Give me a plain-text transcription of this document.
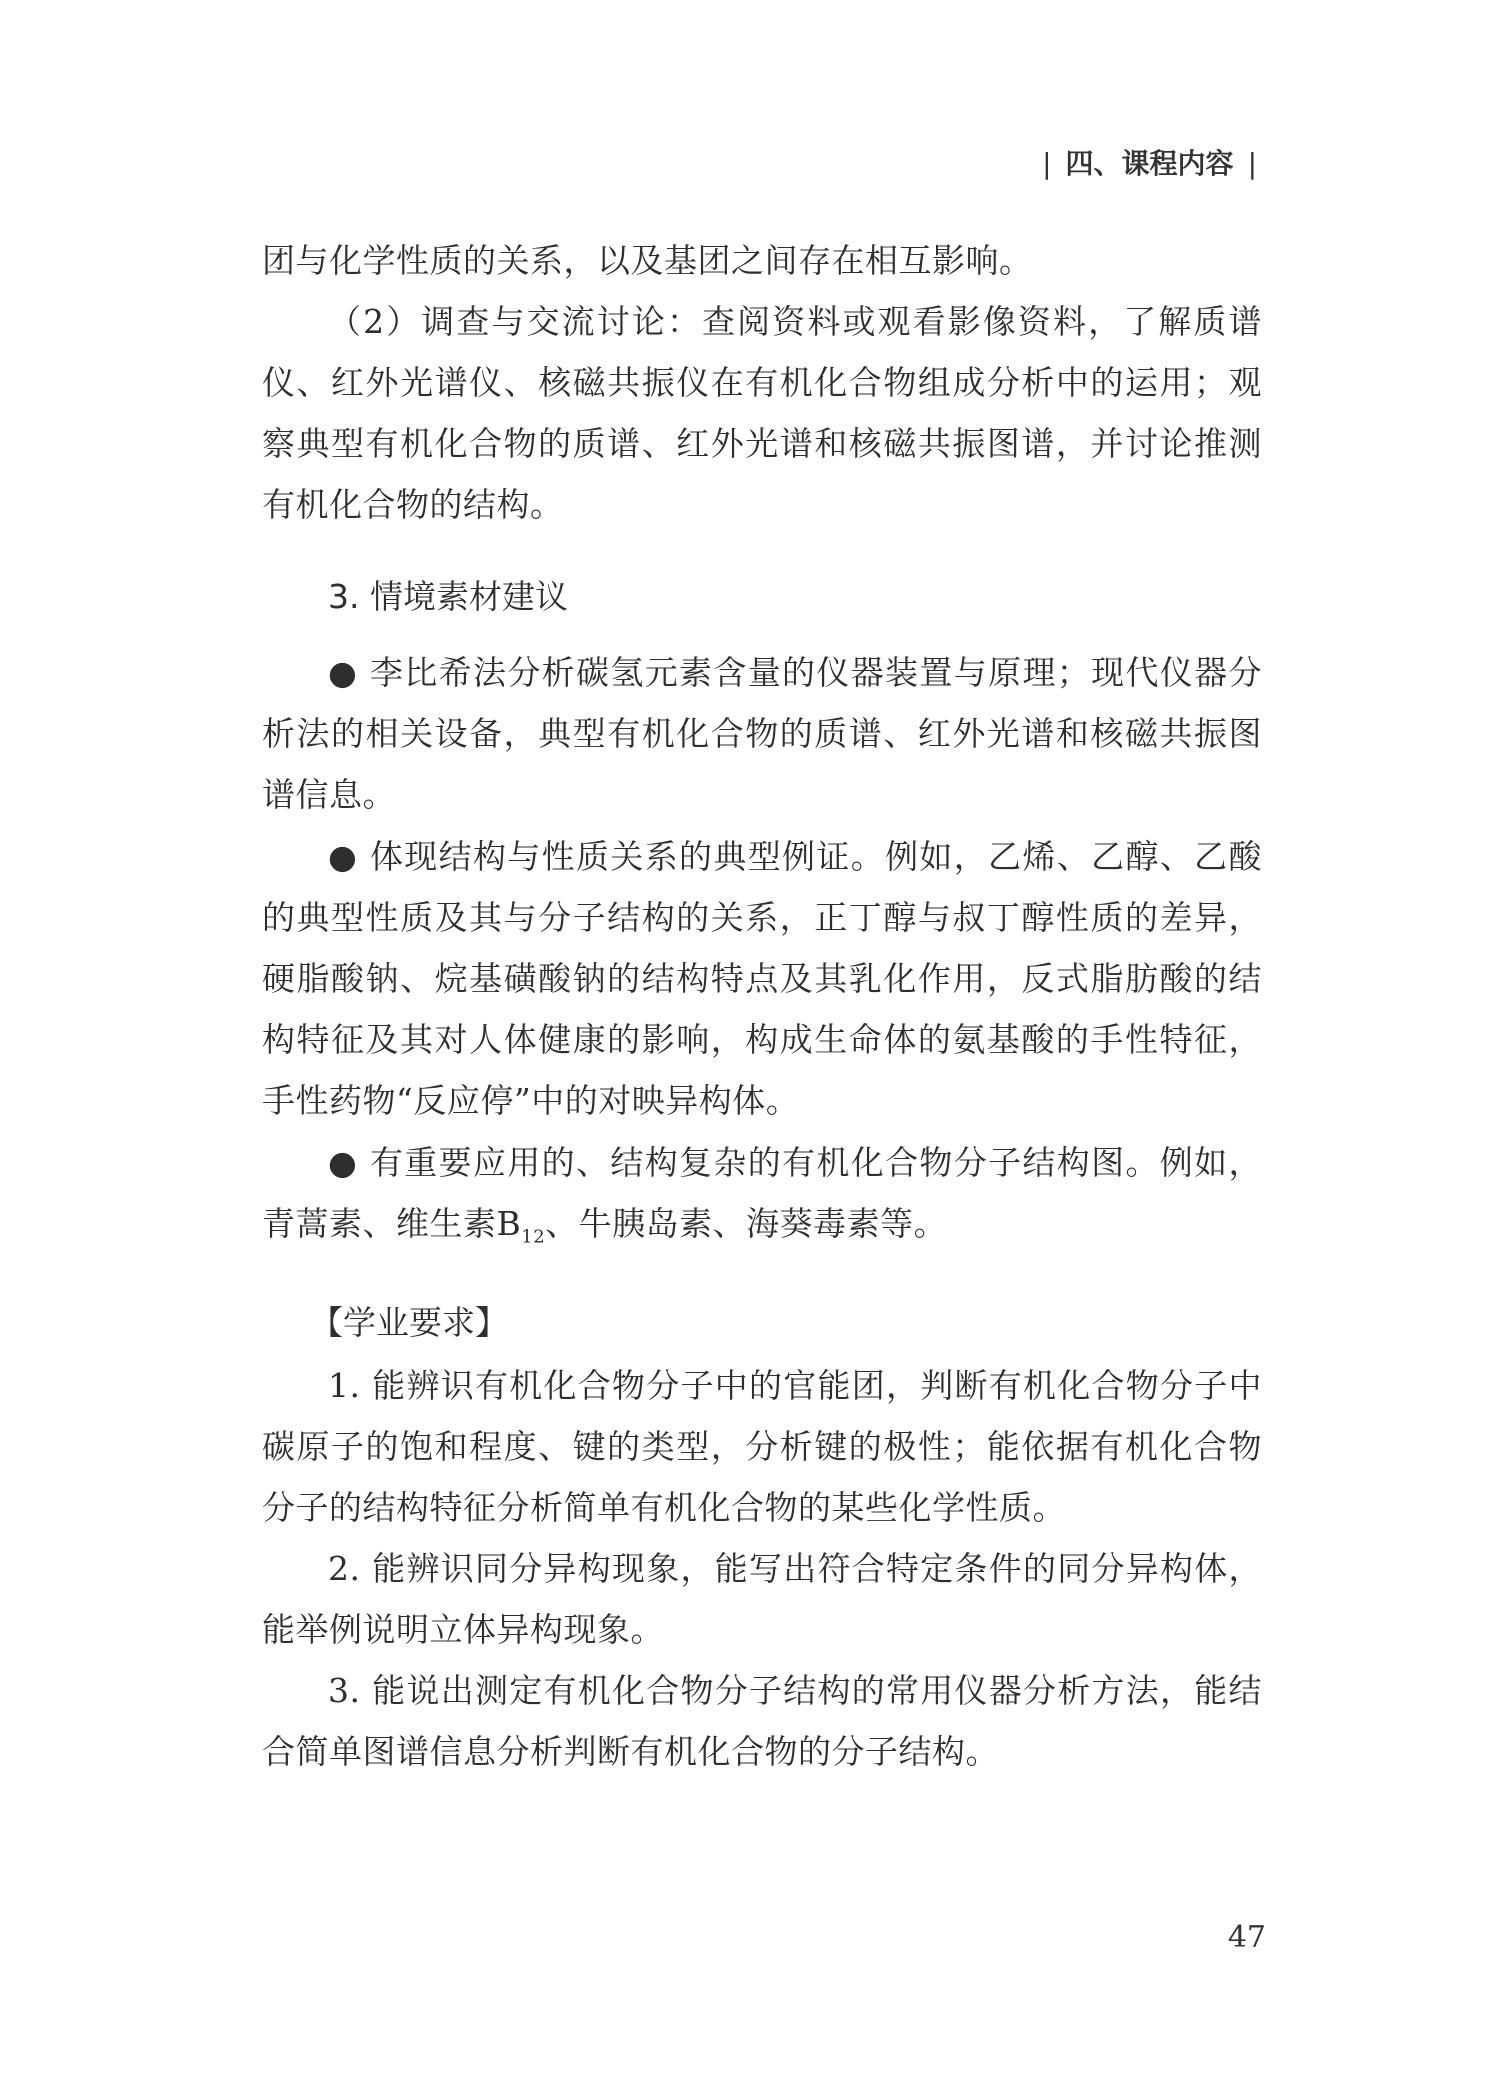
| 四、课程内容 |

团与化学性质的关系，以及基团之间存在相互影响。

（2）调查与交流讨论：查阅资料或观看影像资料，了解质谱仪、红外光谱仪、核磁共振仪在有机化合物组成分析中的运用；观察典型有机化合物的质谱、红外光谱和核磁共振图谱，并讨论推测有机化合物的结构。

3. 情境素材建议

● 李比希法分析碳氢元素含量的仪器装置与原理；现代仪器分析法的相关设备，典型有机化合物的质谱、红外光谱和核磁共振图谱信息。

● 体现结构与性质关系的典型例证。例如，乙烯、乙醇、乙酸的典型性质及其与分子结构的关系，正丁醇与叔丁醇性质的差异，硬脂酸钠、烷基磺酸钠的结构特点及其乳化作用，反式脂肪酸的结构特征及其对人体健康的影响，构成生命体的氨基酸的手性特征，手性药物“反应停”中的对映异构体。

● 有重要应用的、结构复杂的有机化合物分子结构图。例如，青蒿素、维生素$B_{12}$、牛胰岛素、海葵毒素等。

【学业要求】

1. 能辨识有机化合物分子中的官能团，判断有机化合物分子中碳原子的饱和程度、键的类型，分析键的极性；能依据有机化合物分子的结构特征分析简单有机化合物的某些化学性质。

2. 能辨识同分异构现象，能写出符合特定条件的同分异构体，能举例说明立体异构现象。

3. 能说出测定有机化合物分子结构的常用仪器分析方法，能结合简单图谱信息分析判断有机化合物的分子结构。

47
